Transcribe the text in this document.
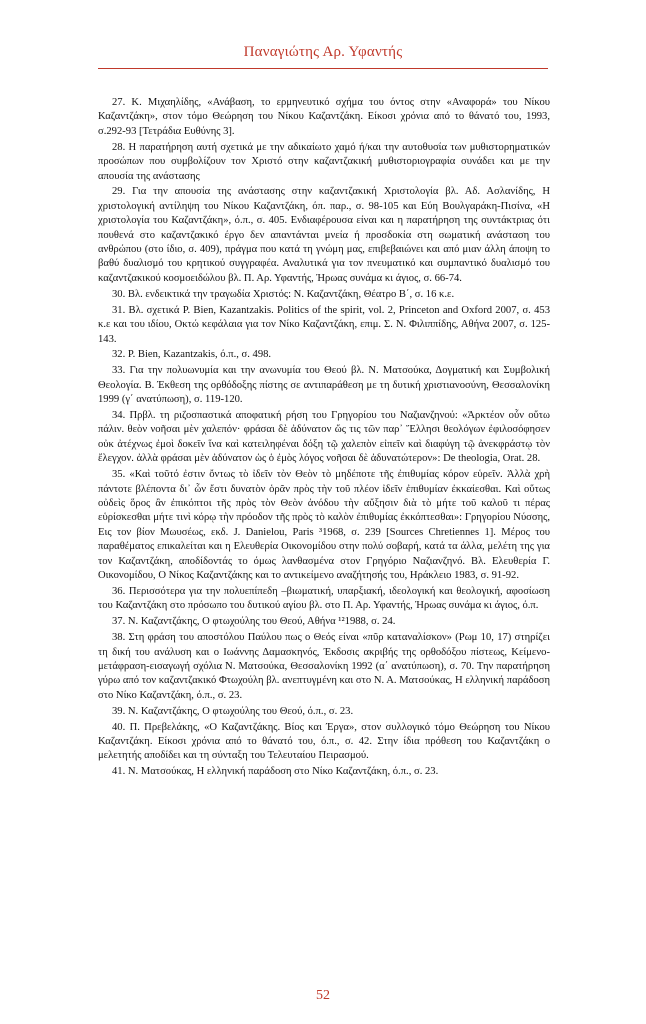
Παναγιώτης Αρ. Υφαντής

27. Κ. Μιχαηλίδης, «Ανάβαση, το ερμηνευτικό σχήμα του όντος στην «Αναφορά» του Νίκου Καζαντζάκη», στον τόμο Θεώρηση του Νίκου Καζαντζάκη. Είκοσι χρόνια από το θάνατό του, 1993, σ.292-93 [Τετράδια Ευθύνης 3].

28. Η παρατήρηση αυτή σχετικά με την αδικαίωτο χαμό ή/και την αυτοθυσία των μυθιστορηματικών προσώπων που συμβολίζουν τον Χριστό στην καζαντζακική μυθιστοριογραφία συνάδει και με την απουσία της ανάστασης

29. Για την απουσία της ανάστασης στην καζαντζακική Χριστολογία βλ. Αδ. Ασλανίδης, Η χριστολογική αντίληψη του Νίκου Καζαντζάκη, όπ. παρ., σ. 98-105 και Εύη Βουλγαράκη-Πισίνα, «Η χριστολογία του Καζαντζάκη», ό.π., σ. 405. Ενδιαφέρουσα είναι και η παρατήρηση της συντάκτριας ότι πουθενά στο καζαντζακικό έργο δεν απαντάνται μνεία ή προσδοκία στη σωματική ανάσταση του ανθρώπου (στο ίδιο, σ. 409), πράγμα που κατά τη γνώμη μας, επιβεβαιώνει και από μιαν άλλη άποψη το βαθύ δυαλισμό του κρητικού συγγραφέα. Αναλυτικά για τον πνευματικό και συμπαντικό δυαλισμό του καζαντζακικού κοσμοειδώλου βλ. Π. Αρ. Υφαντής, Ήρωας συνάμα κι άγιος, σ. 66-74.

30. Βλ. ενδεικτικά την τραγωδία Χριστός: Ν. Καζαντζάκη, Θέατρο Β΄, σ. 16 κ.ε.

31. Βλ. σχετικά P. Bien, Kazantzakis. Politics of the spirit, vol. 2, Princeton and Oxford 2007, σ. 453 κ.ε και του ιδίου, Οκτώ κεφάλαια για τον Νίκο Καζαντζάκη, επιμ. Σ. Ν. Φιλιππίδης, Αθήνα 2007, σ. 125-143.

32. P. Bien, Kazantzakis, ό.π., σ. 498.

33. Για την πολυωνυμία και την ανωνυμία του Θεού βλ. Ν. Ματσούκα, Δογματική και Συμβολική Θεολογία. Β. Έκθεση της ορθόδοξης πίστης σε αντιπαράθεση με τη δυτική χριστιανοσύνη, Θεσσαλονίκη 1999 (γ΄ ανατύπωση), σ. 119-120.

34. Πρβλ. τη ριζοσπαστικά αποφατική ρήση του Γρηγορίου του Ναζιανζηνού: «Ἀρκτέον οὖν οὕτω πάλιν. θεὸν νοῆσαι μὲν χαλεπόν· φράσαι δὲ ἀδύνατον ὥς τις τῶν παρ᾽ Ἕλλησι θεολόγων ἐφιλοσόφησεν οὐκ ἀτέχνως ἐμοὶ δοκεῖν ἵνα καὶ κατειληφέναι δόξη τῷ χαλεπὸν εἰπεῖν καὶ διαφύγη τῷ ἀνεκφράστῳ τὸν ἔλεγχον. ἀλλὰ φράσαι μὲν ἀδύνατον ὡς ὁ ἐμὸς λόγος νοῆσαι δὲ ἀδυνατώτερον»: De theologia, Orat. 28.

35. «Καὶ τοῦτό ἐστιν ὄντως τὸ ἰδεῖν τὸν Θεὸν τὸ μηδέποτε τῆς ἐπιθυμίας κόρον εὑρεῖν. Ἀλλὰ χρὴ πάντοτε βλέποντα δι᾽ ὧν ἔστι δυνατὸν ὁρᾶν πρὸς τὴν τοῦ πλέον ἰδεῖν ἐπιθυμίαν ἐκκαίεσθαι. Καὶ οὕτως οὐδεὶς ὅρος ἂν ἐπικόπτοι τῆς πρὸς τὸν Θεὸν ἀνόδου τὴν αὔξησιν διὰ τὸ μήτε τοῦ καλοῦ τι πέρας εὑρίσκεσθαι μήτε τινὶ κόρῳ τὴν πρόοδον τῆς πρὸς τὸ καλὸν ἐπιθυμίας ἐκκόπτεσθαι»: Γρηγορίου Νύσσης, Εις τον βίον Μωυσέως, εκδ. J. Danielou, Paris ³1968, σ. 239 [Sources Chretiennes 1]. Μέρος του παραθέματος επικαλείται και η Ελευθερία Οικονομίδου στην πολύ σοβαρή, κατά τα άλλα, μελέτη της για τον Καζαντζάκη, αποδίδοντάς το όμως λανθασμένα στον Γρηγόριο Ναζιανζηνό. Βλ. Ελευθερία Γ. Οικονομίδου, Ο Νίκος Καζαντζάκης και το αντικείμενο αναζήτησής του, Ηράκλειο 1983, σ. 91-92.

36. Περισσότερα για την πολυεπίπεδη –βιωματική, υπαρξιακή, ιδεολογική και θεολογική, αφοσίωση του Καζαντζάκη στο πρόσωπο του δυτικού αγίου βλ. στο Π. Αρ. Υφαντής, Ήρωας συνάμα κι άγιος, ό.π.

37. Ν. Καζαντζάκης, Ο φτωχούλης του Θεού, Αθήνα ¹²1988, σ. 24.

38. Στη φράση του αποστόλου Παύλου πως ο Θεός είναι «πῦρ καταναλίσκον» (Ρωμ 10, 17) στηρίζει τη δική του ανάλυση και ο Ιωάννης Δαμασκηνός, Έκδοσις ακριβής της ορθοδόξου πίστεως, Κείμενο-μετάφραση-εισαγωγή σχόλια Ν. Ματσούκα, Θεσσαλονίκη 1992 (α΄ ανατύπωση), σ. 70. Την παρατήρηση γύρω από τον καζαντζακικό Φτωχούλη βλ. ανεπτυγμένη και στο Ν. Α. Ματσούκας, Η ελληνική παράδοση στο Νίκο Καζαντζάκη, ό.π., σ. 23.

39. Ν. Καζαντζάκης, Ο φτωχούλης του Θεού, ό.π., σ. 23.

40. Π. Πρεβελάκης, «Ο Καζαντζάκης. Βίος και Έργα», στον συλλογικό τόμο Θεώρηση του Νίκου Καζαντζάκη. Είκοσι χρόνια από το θάνατό του, ό.π., σ. 42. Στην ίδια πρόθεση του Καζαντζάκη ο μελετητής αποδίδει και τη σύνταξη του Τελευταίου Πειρασμού.

41. Ν. Ματσούκας, Η ελληνική παράδοση στο Νίκο Καζαντζάκη, ό.π., σ. 23.

52
